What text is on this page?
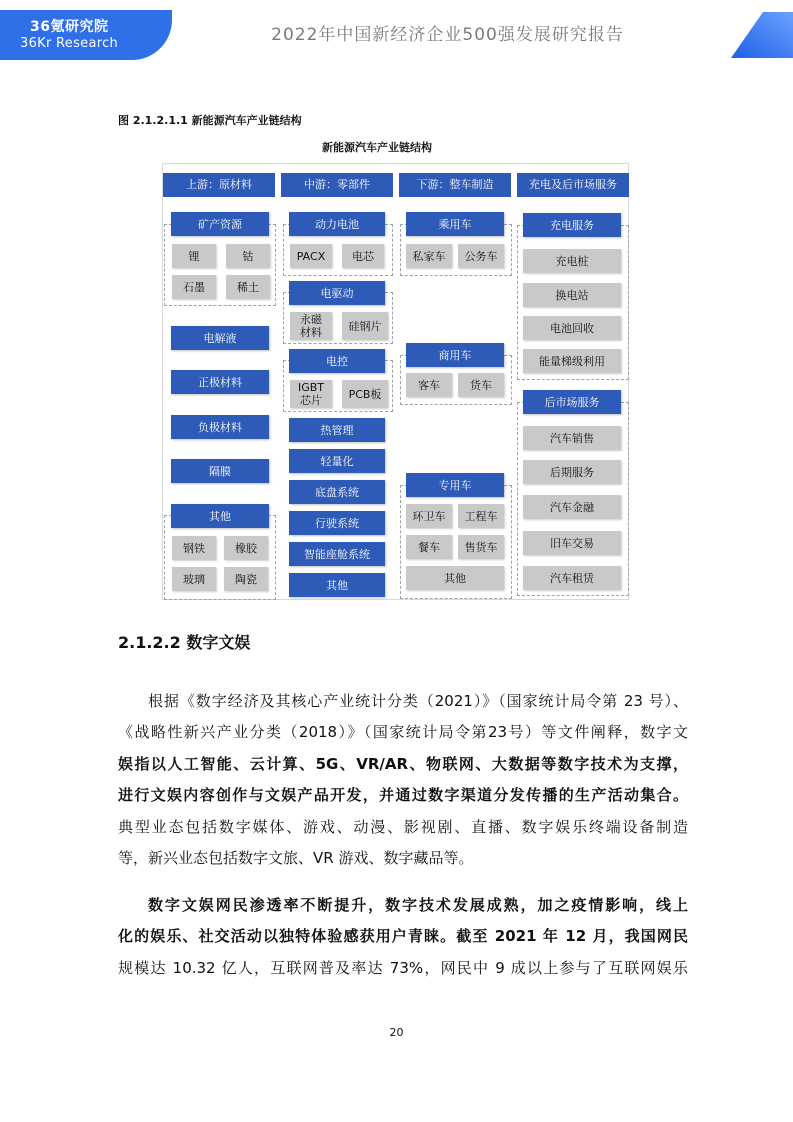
36氪研究院
36Kr Research	2022年中国新经济企业500强发展研究报告
图 2.1.2.1.1 新能源汽车产业链结构
新能源汽车产业链结构
上游：原材料	中游：零部件	下游：整车制造	充电及后市场服务
矿产资源
锂	钴
石墨	稀土
电解液
正极材料
负极材料
隔膜
其他
钢铁	橡胶
玻璃	陶瓷
动力电池
PACX	电芯
电驱动
永磁
材料	硅钢片
电控
IGBT
芯片	PCB板
热管理
轻量化
底盘系统
行驶系统
智能座舱系统
其他
乘用车
私家车	公务车
商用车
客车	货车
专用车
环卫车	工程车
餐车	售货车
其他
充电服务
充电桩
换电站
电池回收
能量梯级利用
后市场服务
汽车销售
后期服务
汽车金融
旧车交易
汽车租赁
2.1.2.2 数字文娱
根据《数字经济及其核心产业统计分类（2021）》（国家统计局令第 23 号）、
《战略性新兴产业分类（2018）》（国家统计局令第23号）等文件阐释，数字文
娱指以人工智能、云计算、5G、VR/AR、物联网、大数据等数字技术为支撑，
进行文娱内容创作与文娱产品开发，并通过数字渠道分发传播的生产活动集合。
典型业态包括数字媒体、游戏、动漫、影视剧、直播、数字娱乐终端设备制造
等，新兴业态包括数字文旅、VR 游戏、数字藏品等。
数字文娱网民渗透率不断提升，数字技术发展成熟，加之疫情影响，线上
化的娱乐、社交活动以独特体验感获用户青睐。截至 2021 年 12 月，我国网民
规模达 10.32 亿人，互联网普及率达 73%，网民中 9 成以上参与了互联网娱乐
20
